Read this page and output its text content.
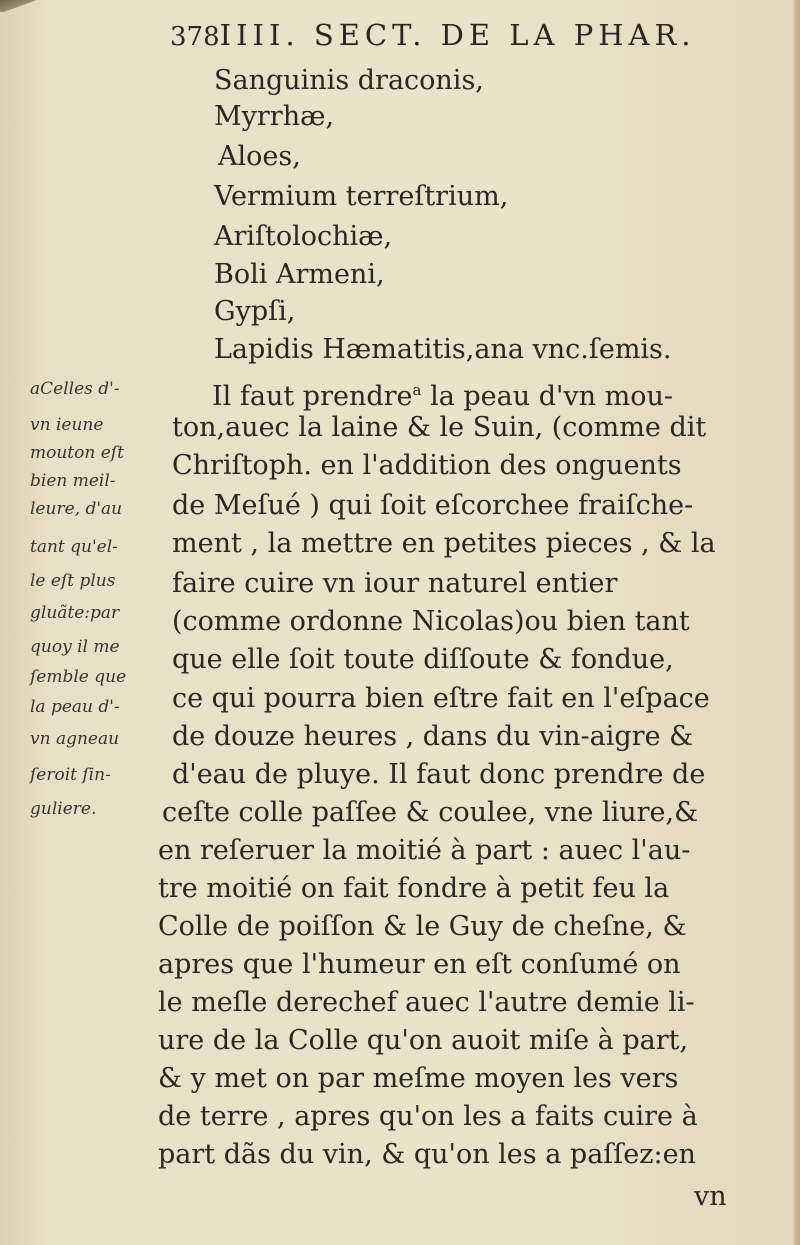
378IIII. SECT. DE LA PHAR.
Sanguinis draconis,
Myrrhæ,
Aloes,
Vermium terreſtrium,
Ariſtolochiæ,
Boli Armeni,
Gypſi,
Lapidis Hæmatitis,ana vnc.ſemis.
Il faut prendre$^a$ la peau d'vn mou-
ton,auec la laine & le Suin, (comme dit
Chriſtoph. en l'addition des onguents
de Meſué ) qui ſoit eſcorchee fraiſche-
ment , la mettre en petites pieces , & la
faire cuire vn iour naturel entier
(comme ordonne Nicolas)ou bien tant
que elle ſoit toute diſſoute & fondue,
ce qui pourra bien eſtre fait en l'eſpace
de douze heures , dans du vin-aigre &
d'eau de pluye. Il faut donc prendre de
ceſte colle paſſee & coulee, vne liure,&
en reſeruer la moitié à part : auec l'au-
tre moitié on fait fondre à petit feu la
Colle de poiſſon & le Guy de cheſne, &
apres que l'humeur en eſt conſumé on
le meſle derechef auec l'autre demie li-
ure de la Colle qu'on auoit miſe à part,
& y met on par meſme moyen les vers
de terre , apres qu'on les a faits cuire à
part dãs du vin, & qu'on les a paſſez:en
vn
aCelles d'-
vn ieune
mouton eſt
bien meil-
leure, d'au
tant qu'el-
le eſt plus
gluãte:par
quoy il me
ſemble que
la peau d'-
vn agneau
ſeroit ſin-
guliere.
